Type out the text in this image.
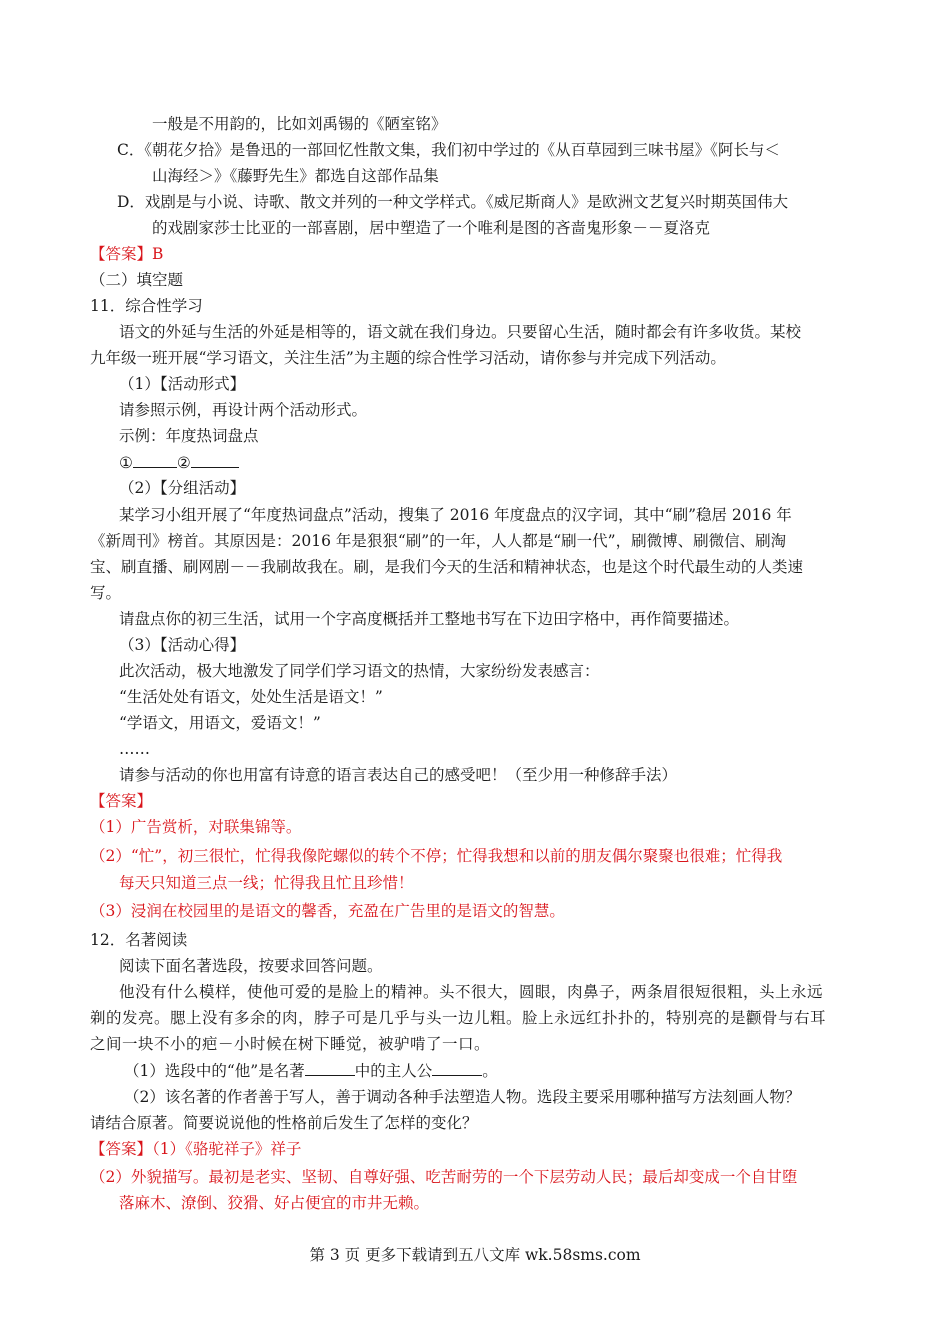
一般是不用韵的，比如刘禹锡的《陋室铭》
C．《朝花夕拾》是鲁迅的一部回忆性散文集，我们初中学过的《从百草园到三味书屋》《阿长与＜
山海经＞》《藤野先生》都选自这部作品集
D．戏剧是与小说、诗歌、散文并列的一种文学样式。《威尼斯商人》是欧洲文艺复兴时期英国伟大
的戏剧家莎士比亚的一部喜剧，居中塑造了一个唯利是图的吝啬鬼形象－－夏洛克
【答案】B
（二）填空题
11．综合性学习
语文的外延与生活的外延是相等的，语文就在我们身边。只要留心生活，随时都会有许多收货。某校
九年级一班开展“学习语文，关注生活”为主题的综合性学习活动，请你参与并完成下列活动。
（1）【活动形式】
请参照示例，再设计两个活动形式。
示例：年度热词盘点
（2）【分组活动】
某学习小组开展了“年度热词盘点”活动，搜集了 2016 年度盘点的汉字词，其中“刷”稳居 2016 年
《新周刊》榜首。其原因是：2016 年是狠狠“刷”的一年，人人都是“刷一代”，刷微博、刷微信、刷淘
宝、刷直播、刷网剧－－我刷故我在。刷，是我们今天的生活和精神状态，也是这个时代最生动的人类速
写。
请盘点你的初三生活，试用一个字高度概括并工整地书写在下边田字格中，再作简要描述。
（3）【活动心得】
此次活动，极大地激发了同学们学习语文的热情，大家纷纷发表感言：
“生活处处有语文，处处生活是语文！”
“学语文，用语文，爱语文！”
……
请参与活动的你也用富有诗意的语言表达自己的感受吧！（至少用一种修辞手法）
【答案】
（1）广告赏析，对联集锦等。
（2）“忙”，初三很忙，忙得我像陀螺似的转个不停；忙得我想和以前的朋友偶尔聚聚也很难；忙得我
每天只知道三点一线；忙得我且忙且珍惜！
（3）浸润在校园里的是语文的馨香，充盈在广告里的是语文的智慧。
12．名著阅读
阅读下面名著选段，按要求回答问题。
他没有什么模样，使他可爱的是脸上的精神。头不很大，圆眼，肉鼻子，两条眉很短很粗，头上永远
剃的发亮。腮上没有多余的肉，脖子可是几乎与头一边儿粗。脸上永远红扑扑的，特别亮的是颧骨与右耳
之间一块不小的疤－小时候在树下睡觉，被驴啃了一口。
（2）该名著的作者善于写人，善于调动各种手法塑造人物。选段主要采用哪种描写方法刻画人物？
请结合原著。简要说说他的性格前后发生了怎样的变化？
【答案】（1）《骆驼祥子》祥子
（2）外貌描写。最初是老实、坚韧、自尊好强、吃苦耐劳的一个下层劳动人民；最后却变成一个自甘堕
落麻木、潦倒、狡猾、好占便宜的市井无赖。
①	②
（1）选段中的“他”是名著	中的主人公	。
第 3 页 更多下载请到五八文库 wk.58sms.com
